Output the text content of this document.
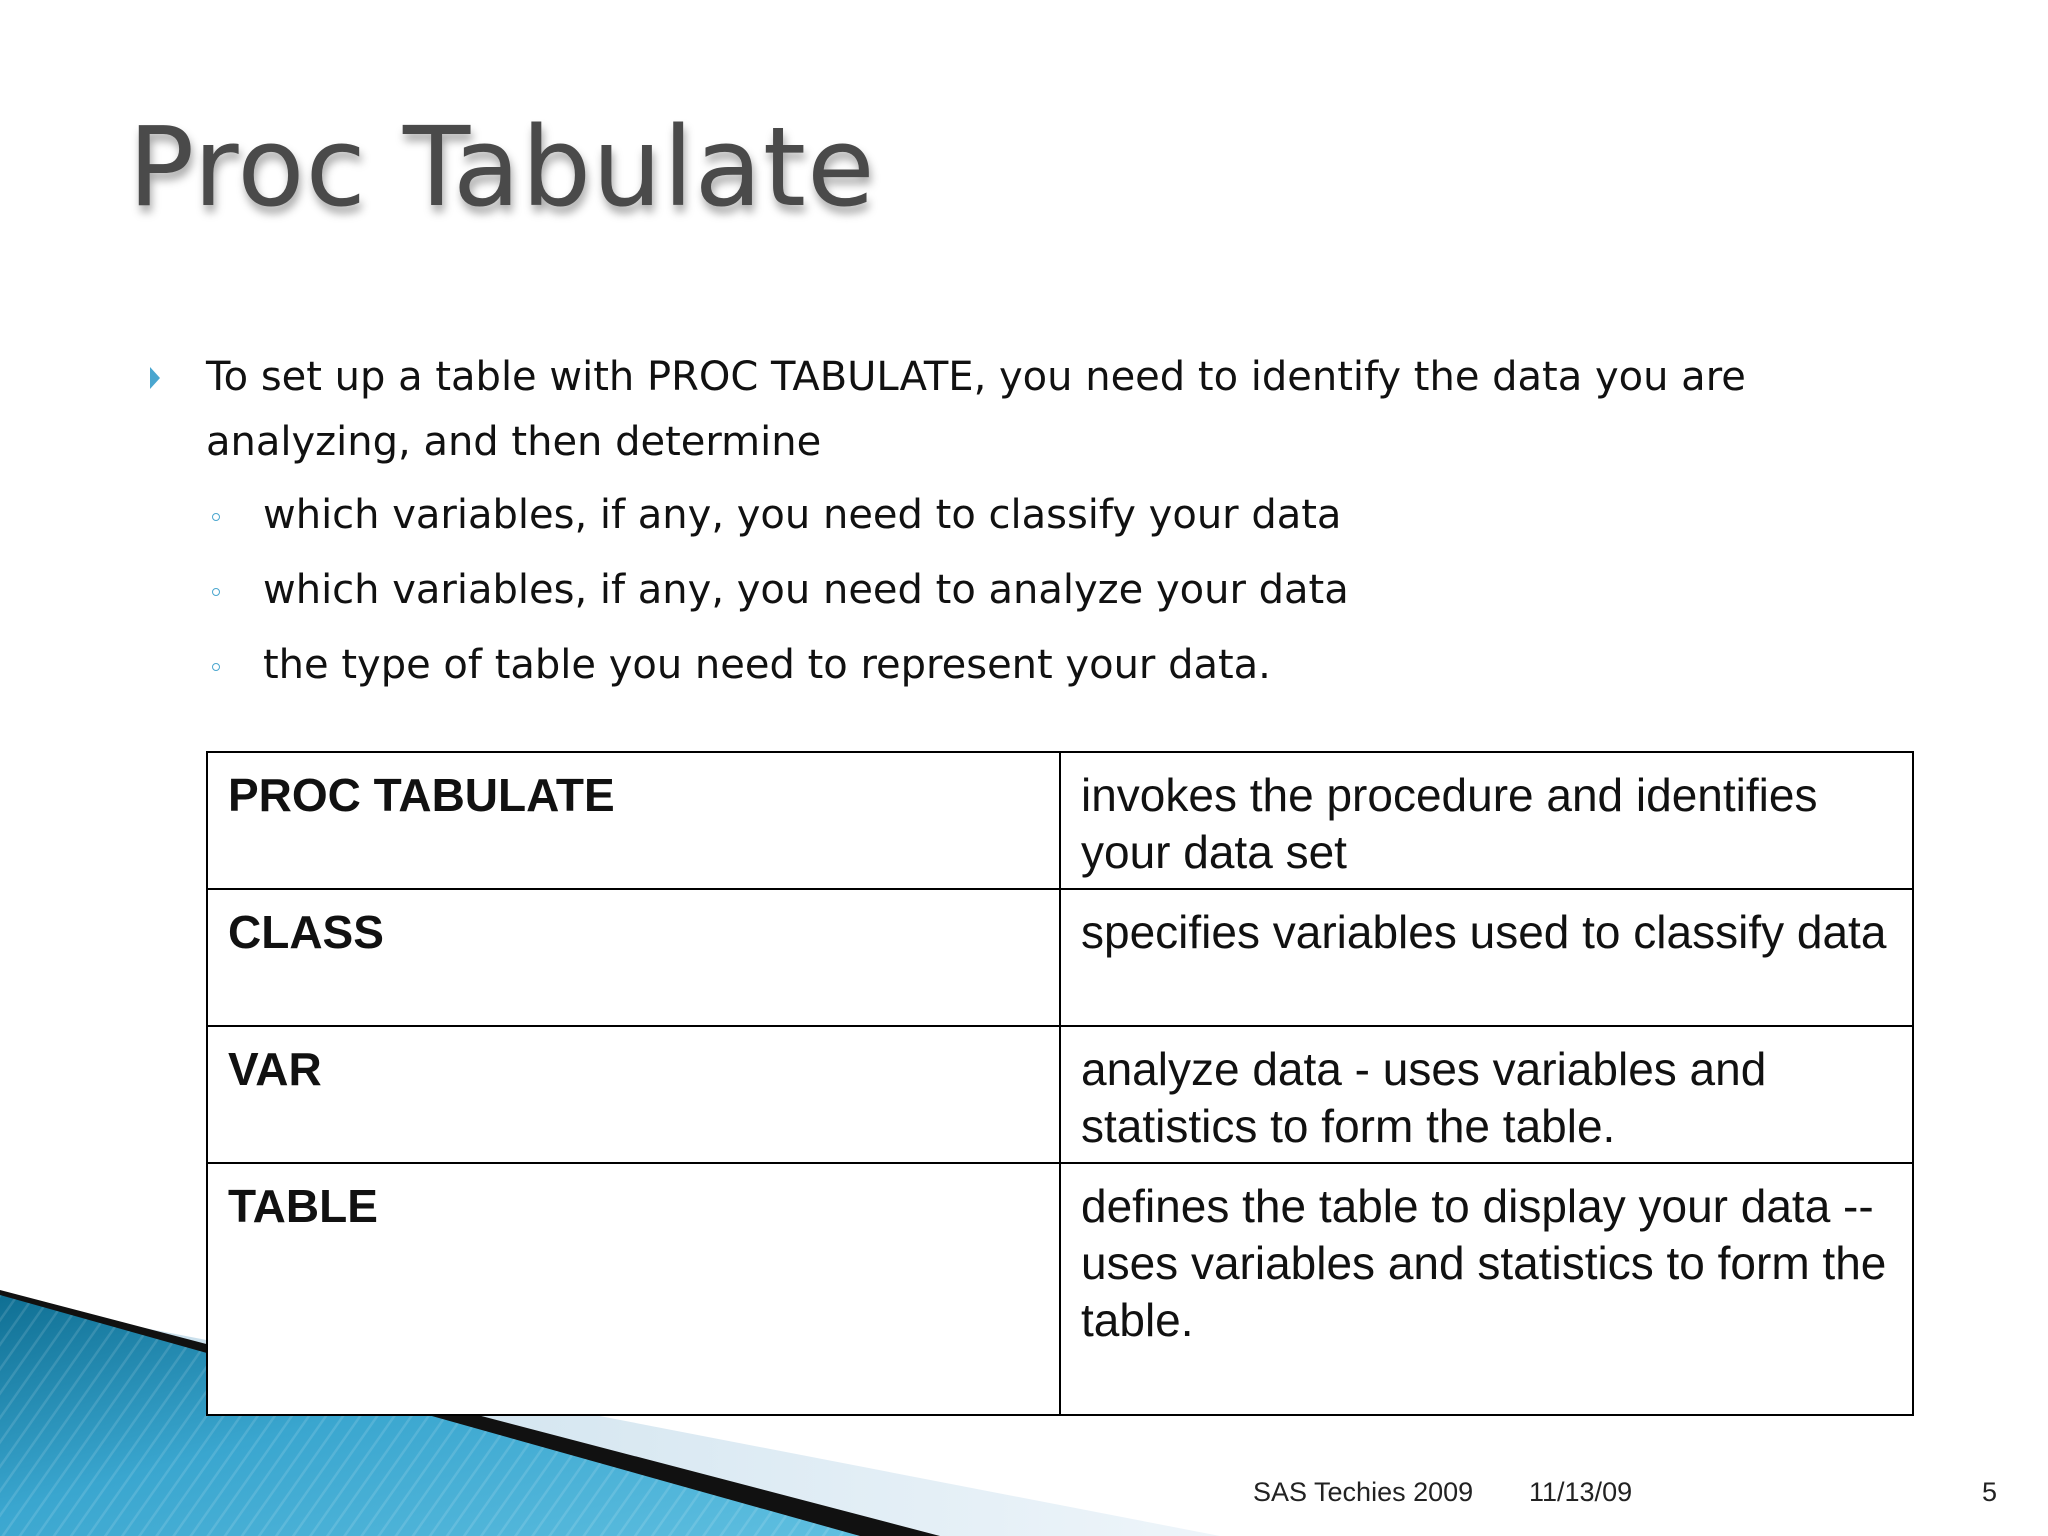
Proc Tabulate
To set up a table with PROC TABULATE, you need to identify the data you are analyzing, and then determine
which variables, if any, you need to classify your data
which variables, if any, you need to analyze your data
the type of table you need to represent your data.
PROC TABULATE	invokes the procedure and identifies your data set
CLASS	specifies variables used to classify data
VAR	analyze data - uses variables and statistics to form the table.
TABLE	defines the table to display your data --uses variables and statistics to form the table.
SAS Techies 2009 11/13/09	5
